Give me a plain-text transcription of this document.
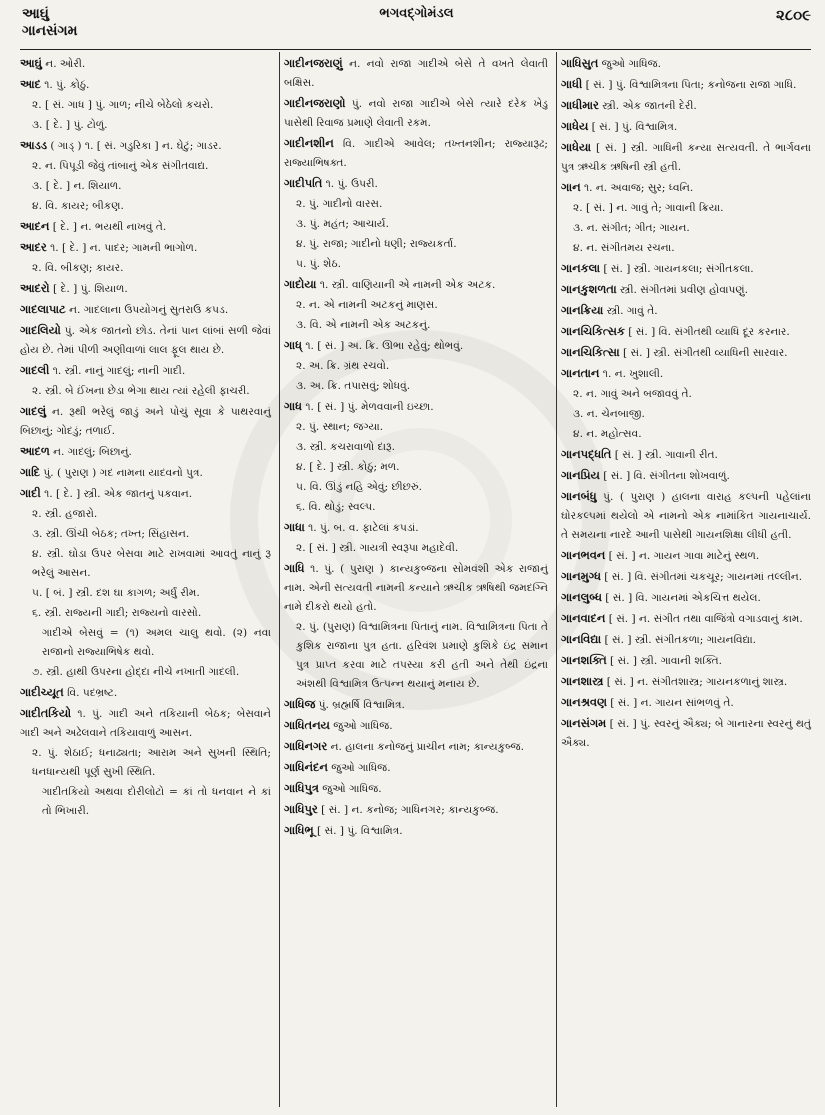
આઘું
ગાનસંગમ
ભગવદ્ગોમંડલ	૨૮૦૯
આઘું ન. ઓરી.
આદ ૧. પું. કોઠું.
૨. [ સં. ગાધ ] પું. ગાળ; નીચે બેઠેલો કચરો.
૩. [ દે. ] પું. ટોળું.
આડડ ( ગાડ્ ) ૧. [ સં. ગડુરિકા ] ન. ઘેટું; ગાડર.
૨. ન. પિપૂડી જેવું તાંબાનું એક સંગીતવાદ્ય.
૩. [ દે. ] ન. શિયાળ.
૪. વિ. કાયર; બીકણ.
આદન [ દે. ] ન. ભયથી નાખવું તે.
આદર ૧. [ દે. ] ન. પાદર; ગામની ભાગોળ.
૨. વિ. બીકણ; કાયર.
આદરો [ દે. ] પું. શિયાળ.
ગાદલાપાટ ન. ગાદલાના ઉપયોગનું સુતરાઉ કપડ.
ગાદલિયો પું. એક જાતનો છોડ. તેનાં પાન લાંબાં સળી જેવાં હોય છે. તેમાં પીળી અણીવાળાં લાલ ફૂલ થાય છે.
ગાદલી ૧. સ્ત્રી. નાનું ગાદલું; નાની ગાદી.
૨. સ્ત્રી. બે ઈંખના છેડા ભેગા થાય ત્યાં રહેલી ફાચરી.
ગાદલું ન. રૂથી ભરેલું જાડું અને પોચું સૂવા કે પાથરવાનું બિછાનું; ગોદડું; તળાઈ.
આદળ ન. ગાદલું; બિછાનું.
ગાદિ પું. ( પુરાણ ) ગદ નામના યાદવનો પુત્ર.
ગાદી ૧. [ દે. ] સ્ત્રી. એક જાતનું પકવાન.
૨. સ્ત્રી. હજારો.
૩. સ્ત્રી. ઊંચી બેઠક; તખ્ત; સિંહાસન.
૪. સ્ત્રી. ઘોડા ઉપર બેસવા માટે રાખવામાં આવતું નાનું રૂ ભરેલું આસન.
૫. [ બં. ] સ્ત્રી. દશ ઘા કાગળ; અર્ધું રીમ.
૬. સ્ત્રી. રાજ્યની ગાદી; રાજ્યનો વારસો.
ગાદીએ બેસવું = (૧) અમલ ચાલુ થવો. (૨) નવા રાજાનો રાજ્યાભિષેક થવો.
૭. સ્ત્રી. હાથી ઉપરના હોદ્દા નીચે નખાતી ગાદલી.
ગાદીચ્યૂત વિ. પદભ્રષ્ટ.
ગાદીતકિયો ૧. પું. ગાદી અને તકિયાની બેઠક; બેસવાને ગાદી અને અઢેલવાને તકિયાવાળું આસન.
૨. પું. શેઠાઈ; ધનાઢ્યતા; આરામ અને સુખની સ્થિતિ; ધનધાન્યથી પૂર્ણ સુખી સ્થિતિ.
ગાદીતકિયો અથવા દોરીલોટો = કાં તો ધનવાન ને કાં તો ભિખારી.
ગાદીનજરાણું ન. નવો રાજા ગાદીએ બેસે તે વખતે લેવાતી બક્ષિસ.
ગાદીનજરાણો પું. નવો રાજા ગાદીએ બેસે ત્યારે દરેક ખેડુ પાસેથી રિવાજ પ્રમાણે લેવાતી રકમ.
ગાદીનશીન વિ. ગાદીએ આવેલ; તખ્તનશીન; રાજ્યારૂઢ; રાજ્યાભિષક્ત.
ગાદીપતિ ૧. પું. ઉપરી.
૨. પું. ગાદીનો વારસ.
૩. પું. મહંત; આચાર્ય.
૪. પું. રાજા; ગાદીનો ધણી; રાજ્યકર્તા.
૫. પું. શેઠ.
ગાદોયા ૧. સ્ત્રી. વાણિયાની એ નામની એક અટક.
૨. ન. એ નામની અટકનું માણસ.
૩. વિ. એ નામની એક અટકનું.
ગાધ્ ૧. [ સં. ] અ. ક્રિ. ઊભા રહેવું; થોભવું.
૨. અ. ક્રિ. ગ્રંથ રચવો.
૩. અ. ક્રિ. તપાસવું; શોધવું.
ગાધ ૧. [ સં. ] પું. મેળવવાની ઇચ્છા.
૨. પું. સ્થાન; જગ્યા.
૩. સ્ત્રી. કચરાવાળો દારૂ.
૪. [ દે. ] સ્ત્રી. કોઠું; મળ.
૫. વિ. ઊંડું નહિ એવું; છીછરું.
૬. વિ. થોડું; સ્વલ્પ.
ગાધા ૧. પું. બ. વ. ફાટેલાં કપડાં.
૨. [ સં. ] સ્ત્રી. ગાયત્રી સ્વરૂપા મહાદેવી.
ગાધિ ૧. પું. ( પુરાણ ) કાન્યકુબ્જના સોમવંશી એક રાજાનું નામ. એની સત્યવતી નામની કન્યાને ઋચીક ઋષિથી જમદગ્નિ નામે દીકરો થયો હતો.
૨. પું. (પુરાણ) વિશ્વામિત્રના પિતાનું નામ. વિશ્વામિત્રના પિતા તે કુશિક રાજાના પુત્ર હતા. હરિવંશ પ્રમાણે કુશિકે ઇંદ્ર સમાન પુત્ર પ્રાપ્ત કરવા માટે તપસ્યા કરી હતી અને તેથી ઇંદ્રના અંશથી વિશ્વામિત્ર ઉત્પન્ન થયાનું મનાય છે.
ગાધિજ પું. બ્રહ્મર્ષિ વિશ્વામિત્ર.
ગાધિતનય જુઓ ગાધિજ.
ગાધિનગર ન. હાલના કનોજનું પ્રાચીન નામ; કાન્યકુબ્જ.
ગાધિનંદન જુઓ ગાધિજ.
ગાધિપુત્ર જુઓ ગાધિજ.
ગાધિપુર [ સં. ] ન. કનોજ; ગાધિનગર; કાન્યકુબ્જ.
ગાધિભૂ [ સં. ] પું. વિશ્વામિત્ર.
ગાધિસુત જુઓ ગાધિજ.
ગાધી [ સં. ] પું. વિશ્વામિત્રના પિતા; કનોજના રાજા ગાધિ.
ગાધીમાર સ્ત્રી. એક જાતની દેરી.
ગાધેય [ સં. ] પું. વિશ્વામિત્ર.
ગાધેયા [ સં. ] સ્ત્રી. ગાધિની કન્યા સત્યવતી. તે ભાર્ગવના પુત્ર ઋચીક ઋષિની સ્ત્રી હતી.
ગાન ૧. ન. અવાજ; સુર; ધ્વનિ.
૨. [ સં. ] ન. ગાવું તે; ગાવાની ક્રિયા.
૩. ન. સંગીત; ગીત; ગાયન.
૪. ન. સંગીતમય રચના.
ગાનકલા [ સં. ] સ્ત્રી. ગાયનકલા; સંગીતકલા.
ગાનકુશળતા સ્ત્રી. સંગીતમાં પ્રવીણ હોવાપણું.
ગાનક્રિયા સ્ત્રી. ગાવું તે.
ગાનચિકિત્સક [ સં. ] વિ. સંગીતથી વ્યાધિ દૂર કરનાર.
ગાનચિકિત્સા [ સં. ] સ્ત્રી. સંગીતથી વ્યાધિની સારવાર.
ગાનતાન ૧. ન. ખુશાલી.
૨. ન. ગાવું અને બજાવવું તે.
૩. ન. ચેનબાજી.
૪. ન. મહોત્સવ.
ગાનપદ્ધતિ [ સં. ] સ્ત્રી. ગાવાની રીત.
ગાનપ્રિય [ સં. ] વિ. સંગીતના શોખવાળું.
ગાનબંધુ પું. ( પુરાણ ) હાલના વારાહ કલ્પની પહેલાંના ઘોરકલ્પમાં થયેલો એ નામનો એક નામાંકિત ગાયનાચાર્ય. તે સમયના નારદે આની પાસેથી ગાયનશિક્ષા લીધી હતી.
ગાનભવન [ સં. ] ન. ગાયન ગાવા માટેનું સ્થળ.
ગાનમુગ્ધ [ સં. ] વિ. સંગીતમાં ચકચૂર; ગાયનમાં તલ્લીન.
ગાનલુબ્ધ [ સં. ] વિ. ગાયનમાં એકચિત્ત થયેલ.
ગાનવાદન [ સં. ] ન. સંગીત તથા વાજિંત્રો વગાડવાનું કામ.
ગાનવિદ્યા [ સં. ] સ્ત્રી. સંગીતકળા; ગાયનવિદ્યા.
ગાનશક્તિ [ સં. ] સ્ત્રી. ગાવાની શક્તિ.
ગાનશાસ્ત્ર [ સં. ] ન. સંગીતશાસ્ત્ર; ગાયનકળાનું શાસ્ત્ર.
ગાનશ્રવણ [ સં. ] ન. ગાયન સાંભળવું તે.
ગાનસંગમ [ સં. ] પું. સ્વરનું ઐક્ય; બે ગાનારના સ્વરનું થતું ઐક્ય.
